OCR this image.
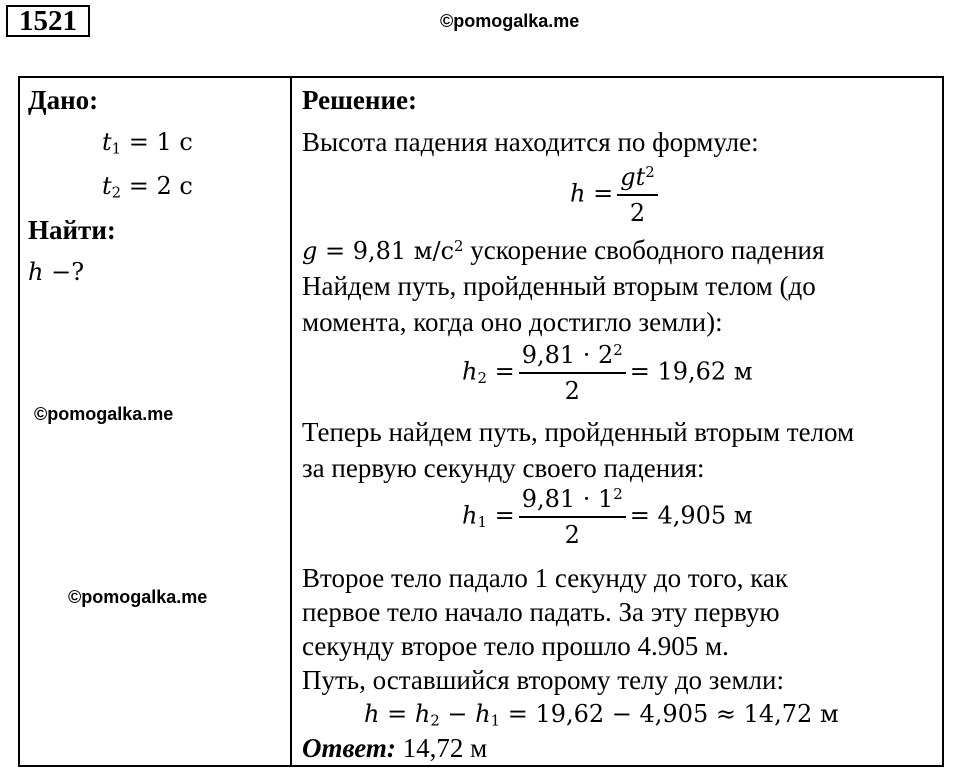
1521	©pomogalka.me
Дано:
$t_1 = 1$ с
$t_2 = 2$ с
Найти:
h −?
©pomogalka.me
©pomogalka.me
Решение:
Высота падения находится по формуле:
$h = \frac{gt^2}{2}$
g = 9,81 $м/с^2$ ускорение свободного падения
Найдем путь, пройденный вторым телом (до
момента, когда оно достигло земли):
$h_2 = \frac{9,81 \cdot 2^2}{2} = 19,62$ м
Теперь найдем путь, пройденный вторым телом
за первую секунду своего падения:
$h_1 = \frac{9,81 \cdot 1^2}{2} = 4,905$ м
Второе тело падало 1 секунду до того, как
первое тело начало падать. За эту первую
секунду второе тело прошло 4.905 м.
Путь, оставшийся второму телу до земли:
$h = h_2 - h_1 = 19,62 - 4,905 \approx 14,72$ м
Ответ: 14,72 м
